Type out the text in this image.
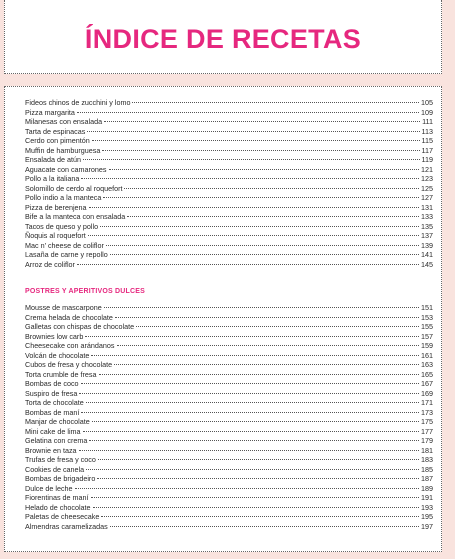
ÍNDICE DE RECETAS
Fideos chinos de zucchini y lomo	105
Pizza margarita	109
Milanesas con ensalada	111
Tarta de espinacas	113
Cerdo con pimentón	115
Muffin de hamburguesa	117
Ensalada de atún	119
Aguacate con camarones	121
Pollo a la italiana	123
Solomillo de cerdo al roquefort	125
Pollo indio a la manteca	127
Pizza de berenjena	131
Bife a la manteca con ensalada	133
Tacos de queso y pollo	135
Ñoquis al roquefort	137
Mac n' cheese de coliflor	139
Lasaña de carne y repollo	141
Arroz de coliflor	145
POSTRES Y APERITIVOS DULCES
Mousse de mascarpone	151
Crema helada de chocolate	153
Galletas con chispas de chocolate	155
Brownies low carb	157
Cheesecake con arándanos	159
Volcán de chocolate	161
Cubos de fresa y chocolate	163
Torta crumble de fresa	165
Bombas de coco	167
Suspiro de fresa	169
Torta de chocolate	171
Bombas de maní	173
Manjar de chocolate	175
Mini cake de lima	177
Gelatina con crema	179
Brownie en taza	181
Trufas de fresa y coco	183
Cookies de canela	185
Bombas de brigadeiro	187
Dulce de leche	189
Fiorentinas de maní	191
Helado de chocolate	193
Paletas de cheesecake	195
Almendras caramelizadas	197
